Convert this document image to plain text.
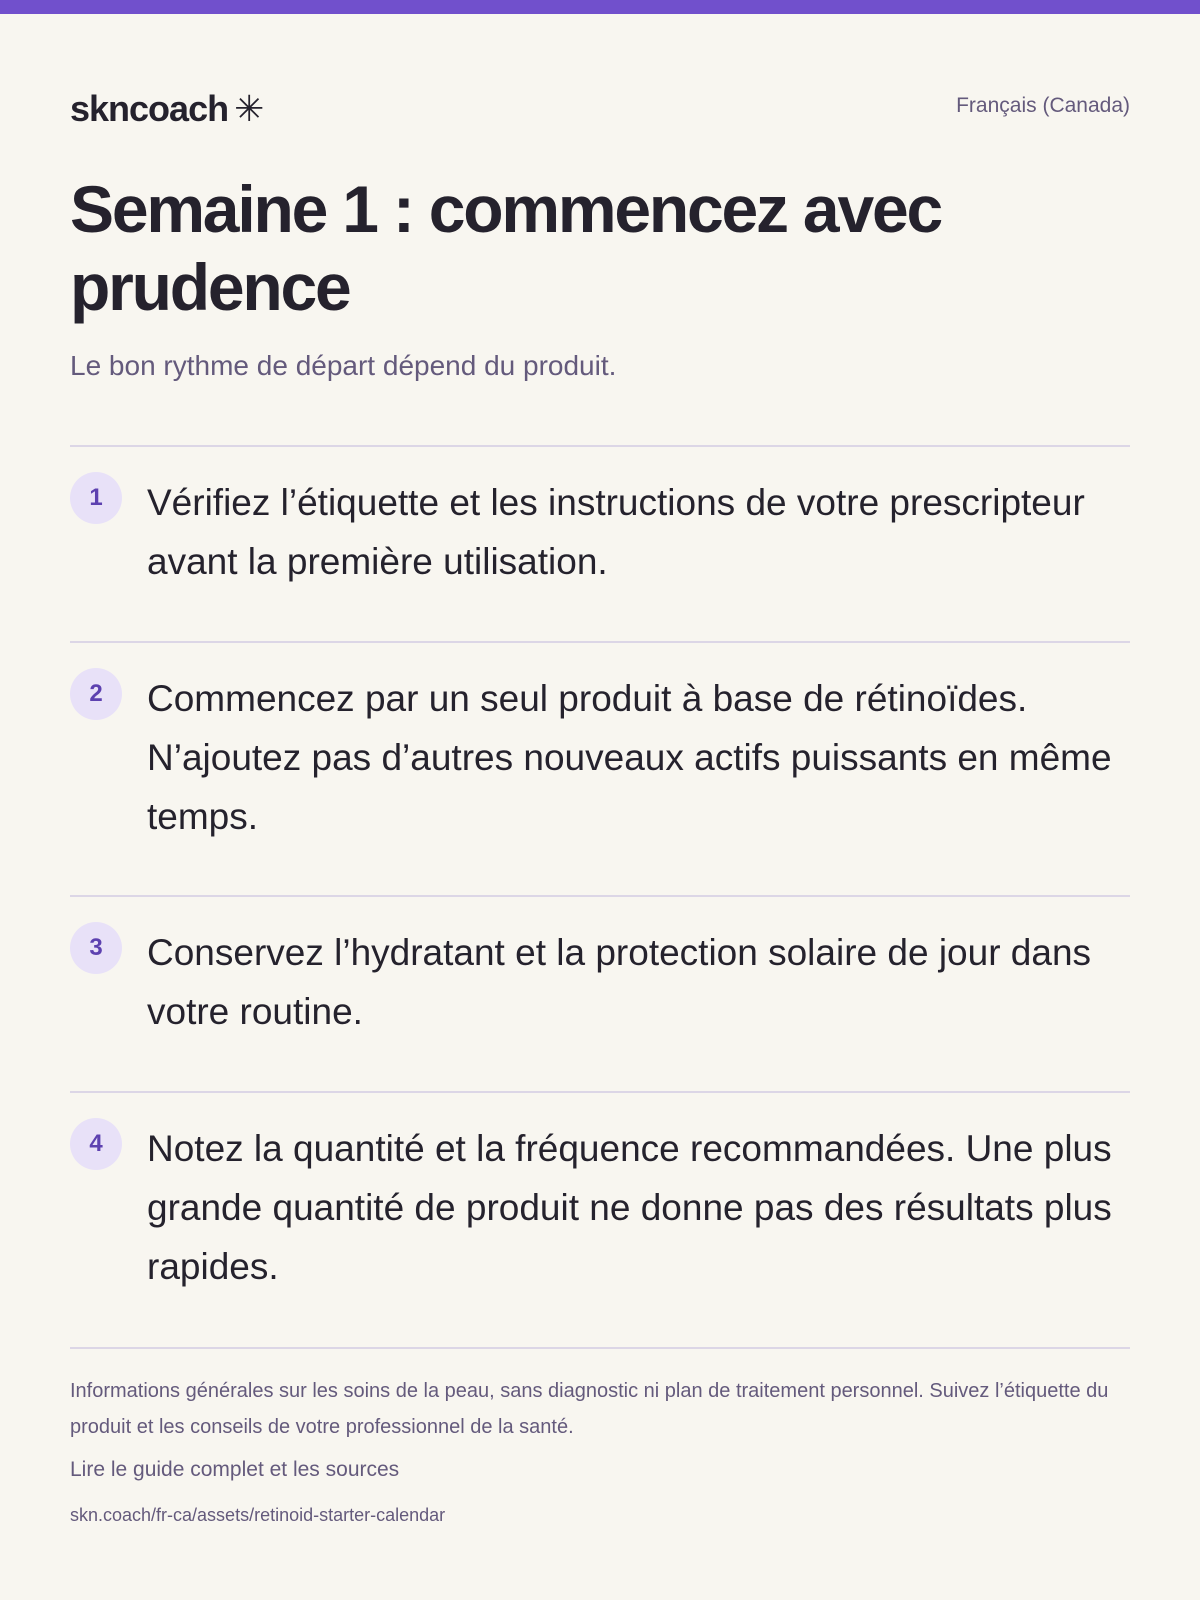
skncoach ✳	Français (Canada)
Semaine 1 : commencez avec prudence

Le bon rythme de départ dépend du produit.

1	Vérifiez l’étiquette et les instructions de votre prescripteur avant la première utilisation.

2	Commencez par un seul produit à base de rétinoïdes. N’ajoutez pas d’autres nouveaux actifs puissants en même temps.

3	Conservez l’hydratant et la protection solaire de jour dans votre routine.

4	Notez la quantité et la fréquence recommandées. Une plus grande quantité de produit ne donne pas des résultats plus rapides.

Informations générales sur les soins de la peau, sans diagnostic ni plan de traitement personnel. Suivez l’étiquette du produit et les conseils de votre professionnel de la santé.

Lire le guide complet et les sources
skn.coach/fr-ca/assets/retinoid-starter-calendar
